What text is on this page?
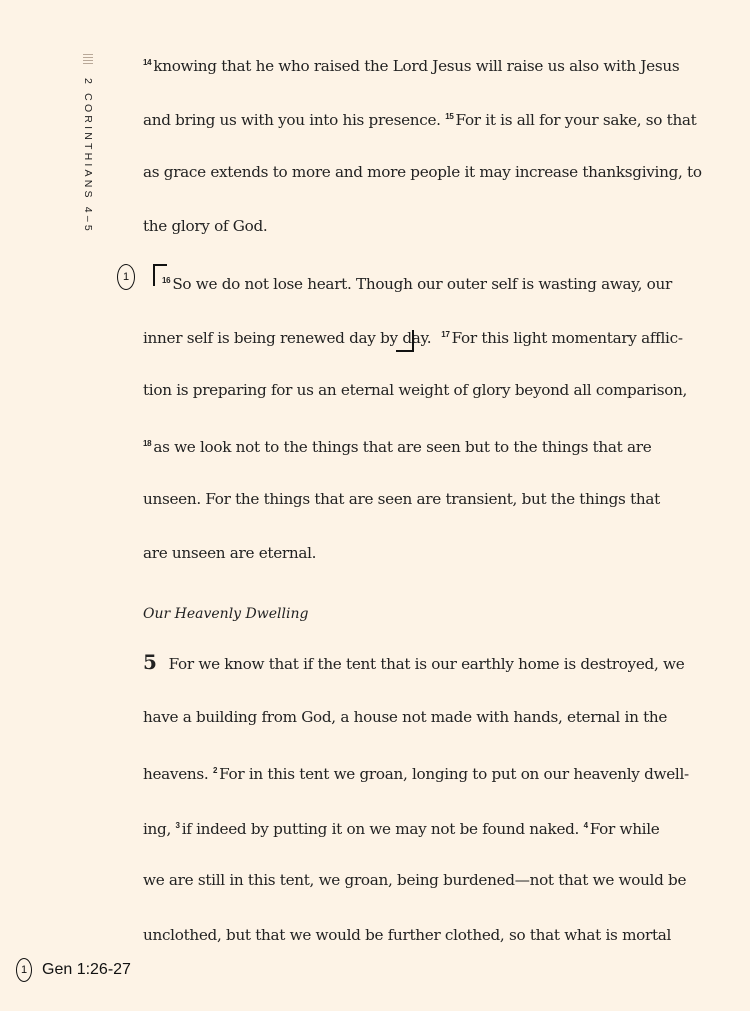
2 CORINTHIANS 4–5
$^{14}$ knowing that he who raised the Lord Jesus will raise us also with Jesus
and bring us with you into his presence. $^{15}$ For it is all for your sake, so that
as grace extends to more and more people it may increase thanksgiving, to
the glory of God.
$^{16}$ So we do not lose heart. Though our outer self is wasting away, our
inner self is being renewed day by day. $^{17}$ For this light momentary afflic-
tion is preparing for us an eternal weight of glory beyond all comparison,
$^{18}$ as we look not to the things that are seen but to the things that are
unseen. For the things that are seen are transient, but the things that
are unseen are eternal.
Our Heavenly Dwelling
5 For we know that if the tent that is our earthly home is destroyed, we
have a building from God, a house not made with hands, eternal in the
heavens. $^2$ For in this tent we groan, longing to put on our heavenly dwell-
ing, $^3$ if indeed by putting it on we may not be found naked. $^4$ For while
we are still in this tent, we groan, being burdened—not that we would be
unclothed, but that we would be further clothed, so that what is mortal
1
1 Gen 1:26-27
